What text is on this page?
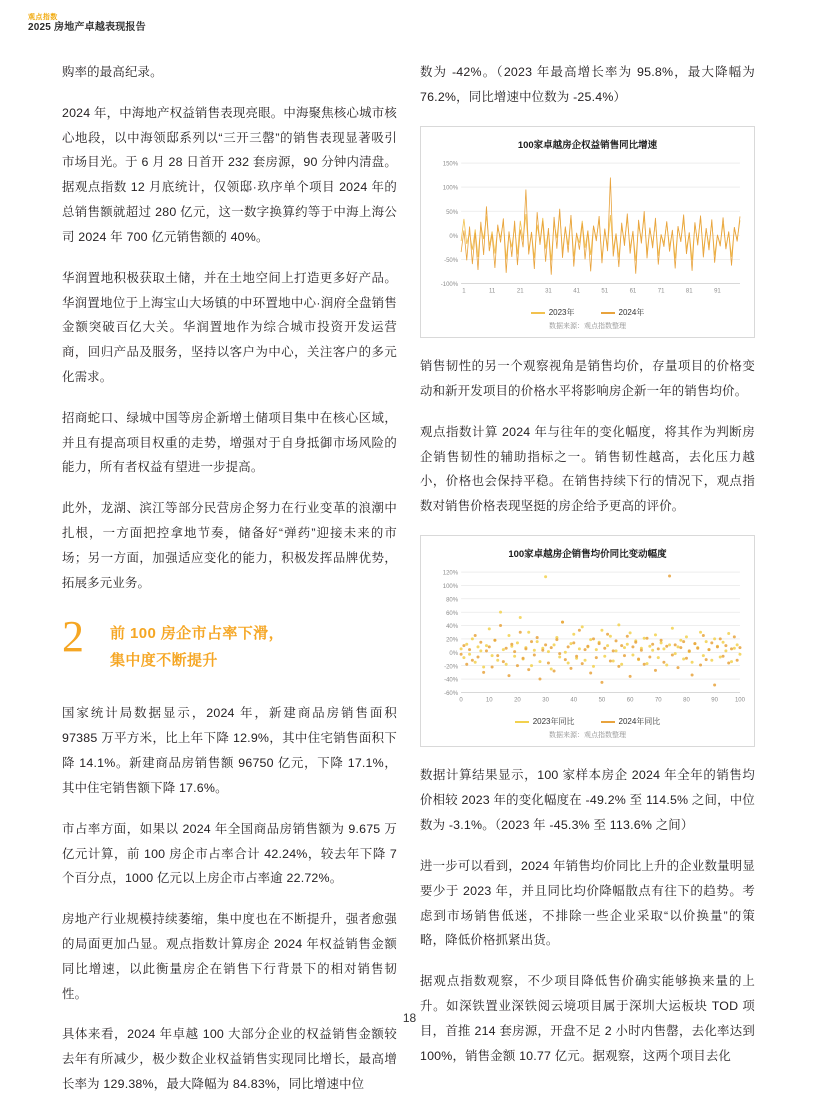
观点指数
2025 房地产卓越表现报告

购率的最高纪录。

2024 年，中海地产权益销售表现亮眼。中海聚焦核心城市核心地段，以中海领邸系列以“三开三罄”的销售表现显著吸引市场目光。于 6 月 28 日首开 232 套房源，90 分钟内清盘。据观点指数 12 月底统计，仅领邸·玖序单个项目 2024 年的总销售额就超过 280 亿元，这一数字换算约等于中海上海公司 2024 年 700 亿元销售额的 40%。

华润置地积极获取土储，并在土地空间上打造更多好产品。华润置地位于上海宝山大场镇的中环置地中心·润府全盘销售金额突破百亿大关。华润置地作为综合城市投资开发运营商，回归产品及服务，坚持以客户为中心，关注客户的多元化需求。

招商蛇口、绿城中国等房企新增土储项目集中在核心区域，并且有提高项目权重的走势，增强对于自身抵御市场风险的能力，所有者权益有望进一步提高。

此外，龙湖、滨江等部分民营房企努力在行业变革的浪潮中扎根，一方面把控拿地节奏，储备好“弹药”迎接未来的市场；另一方面，加强适应变化的能力，积极发挥品牌优势，拓展多元业务。

2 前 100 房企市占率下滑，
集中度不断提升

国家统计局数据显示，2024 年，新建商品房销售面积 97385 万平方米，比上年下降 12.9%，其中住宅销售面积下降 14.1%。新建商品房销售额 96750 亿元，下降 17.1%，其中住宅销售额下降 17.6%。

市占率方面，如果以 2024 年全国商品房销售额为 9.675 万亿元计算，前 100 房企市占率合计 42.24%，较去年下降 7 个百分点，1000 亿元以上房企市占率逾 22.72%。

房地产行业规模持续萎缩，集中度也在不断提升，强者愈强的局面更加凸显。观点指数计算房企 2024 年权益销售金额同比增速，以此衡量房企在销售下行背景下的相对销售韧性。

具体来看，2024 年卓越 100 大部分企业的权益销售金额较去年有所减少，极少数企业权益销售实现同比增长，最高增长率为 129.38%，最大降幅为 84.83%，同比增速中位

数为 -42%。（2023 年最高增长率为 95.8%，最大降幅为 76.2%，同比增速中位数为 -25.4%）

100家卓越房企权益销售同比增速
-100%
-50%
0%
50%
100%
150%
1	11	21	31	41	51	61	71	81	91
2023年	2024年
数据来源：观点指数整理

销售韧性的另一个观察视角是销售均价，存量项目的价格变动和新开发项目的价格水平将影响房企新一年的销售均价。

观点指数计算 2024 年与往年的变化幅度，将其作为判断房企销售韧性的辅助指标之一。销售韧性越高，去化压力越小，价格也会保持平稳。在销售持续下行的情况下，观点指数对销售价格表现坚挺的房企给予更高的评价。

100家卓越房企销售均价同比变动幅度
120%
100%
80%
60%
40%
20%
0%
-20%
-40%
-60%
0	10	20	30	40	50	60	70	80	90	100
2023年同比	2024年同比
数据来源：观点指数整理

数据计算结果显示，100 家样本房企 2024 年全年的销售均价相较 2023 年的变化幅度在 -49.2% 至 114.5% 之间，中位数为 -3.1%。（2023 年 -45.3% 至 113.6% 之间）

进一步可以看到，2024 年销售均价同比上升的企业数量明显要少于 2023 年，并且同比均价降幅散点有往下的趋势。考虑到市场销售低迷，不排除一些企业采取“以价换量”的策略，降低价格抓紧出货。

据观点指数观察，不少项目降低售价确实能够换来量的上升。如深铁置业深铁阅云境项目属于深圳大运板块 TOD 项目，首推 214 套房源，开盘不足 2 小时内售罄，去化率达到 100%，销售金额 10.77 亿元。据观察，这两个项目去化

18
